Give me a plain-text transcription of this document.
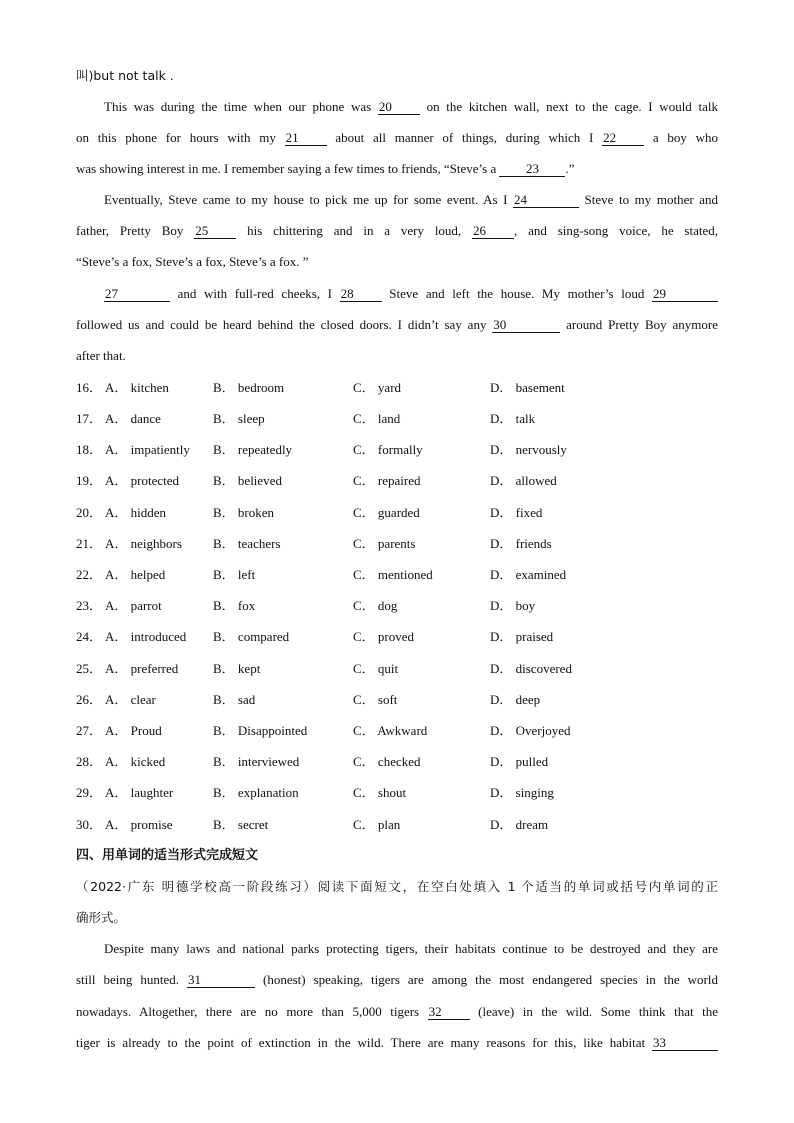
叫)but not talk .
This was during the time when our phone was 20 on the kitchen wall, next to the cage. I would talk
on this phone for hours with my 21 about all manner of things, during which I 22 a boy who
was showing interest in me. I remember saying a few times to friends, “Steve’s a 23 .”
Eventually, Steve came to my house to pick me up for some event. As I 24	Steve to my mother and
father, Pretty Boy 25 his chittering and in a very loud, 26 , and sing-song voice, he stated,
“Steve’s a fox, Steve’s a fox, Steve’s a fox. ”
27	and with full-red cheeks, I 28 Steve and left the house. My mother’s loud 29
followed us and could be heard behind the closed doors. I didn’t say any 30	around Pretty Boy anymore
after that.
16． A． kitchen	B． bedroom	C． yard	D． basement
17． A． dance	B． sleep	C． land	D． talk
18． A． impatiently B． repeatedly	C． formally	D． nervously
19． A． protected	B． believed	C． repaired	D． allowed
20． A． hidden	B． broken	C． guarded	D． fixed
21． A． neighbors B． teachers	C． parents	D． friends
22． A． helped	B． left	C． mentioned	D． examined
23． A． parrot	B． fox	C． dog	D． boy
24． A． introduced B． compared	C． proved	D． praised
25． A． preferred	B． kept	C． quit	D． discovered
26． A． clear	B． sad	C． soft	D． deep
27． A． Proud	B． Disappointed	C． Awkward	D． Overjoyed
28． A． kicked	B． interviewed	C． checked	D． pulled
29． A． laughter	B． explanation	C． shout	D． singing
30． A． promise	B． secret	C． plan	D． dream
四、用单词的适当形式完成短文
（2022·广东 明德学校高一阶段练习）阅读下面短文，在空白处填入 1 个适当的单词或括号内单词的正
确形式。
Despite many laws and national parks protecting tigers, their habitats continue to be destroyed and they are
still being hunted. 31	(honest) speaking, tigers are among the most endangered species in the world
nowadays. Altogether, there are no more than 5,000 tigers 32 (leave) in the wild. Some think that the
tiger is already to the point of extinction in the wild. There are many reasons for this, like habitat 33
